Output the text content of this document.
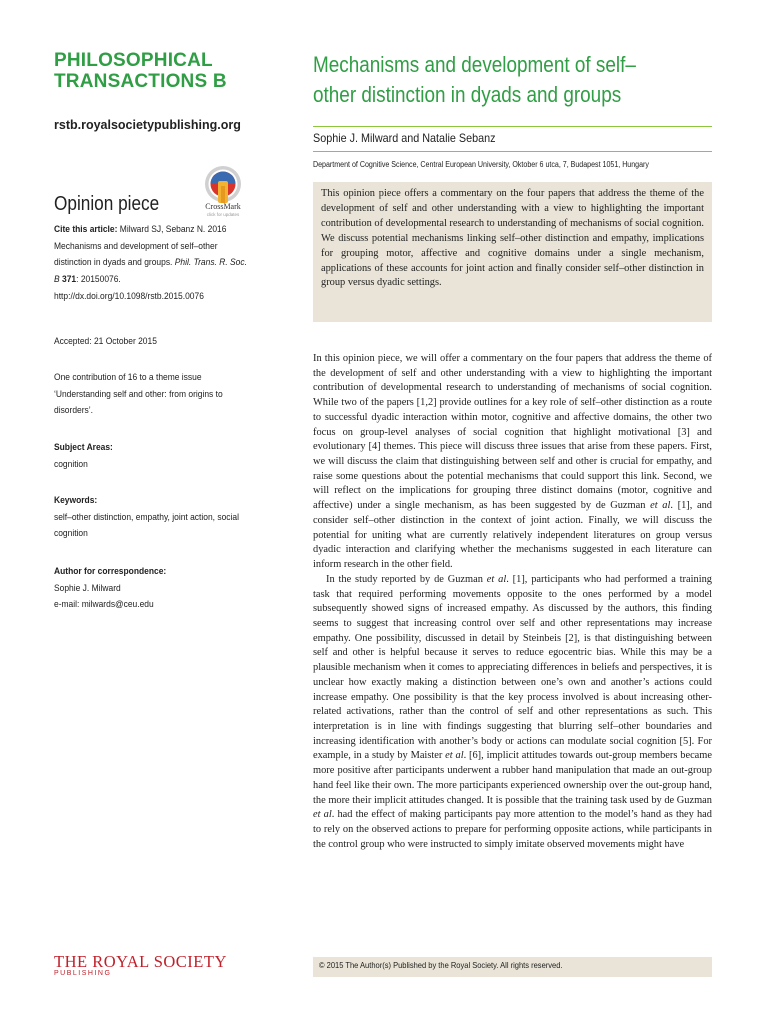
PHILOSOPHICAL
TRANSACTIONS B
rstb.royalsocietypublishing.org
Opinion piece	CrossMark
click for updates
Cite this article: Milward SJ, Sebanz N. 2016 Mechanisms and development of self–other distinction in dyads and groups. Phil. Trans. R. Soc. B 371: 20150076.
http://dx.doi.org/10.1098/rstb.2015.0076
Accepted: 21 October 2015
One contribution of 16 to a theme issue ‘Understanding self and other: from origins to disorders’.
Subject Areas:
cognition
Keywords:
self–other distinction, empathy, joint action, social cognition
Author for correspondence:
Sophie J. Milward
e-mail: milwards@ceu.edu
THE ROYAL SOCIETY
PUBLISHING
Mechanisms and development of self– other distinction in dyads and groups
Sophie J. Milward and Natalie Sebanz
Department of Cognitive Science, Central European University, Oktober 6 utca, 7, Budapest 1051, Hungary

This opinion piece offers a commentary on the four papers that address the theme of the development of self and other understanding with a view to highlighting the important contribution of developmental research to understanding of mechanisms of social cognition. We discuss potential mechanisms linking self–other distinction and empathy, implications for grouping motor, affective and cognitive domains under a single mechanism, applications of these accounts for joint action and finally consider self–other distinction in group versus dyadic settings.

In this opinion piece, we will offer a commentary on the four papers that address the theme of the development of self and other understanding with a view to highlighting the important contribution of developmental research to understanding of mechanisms of social cognition. While two of the papers [1,2] provide outlines for a key role of self–other distinction as a route to successful dyadic interaction within motor, cognitive and affective domains, the other two focus on group-level analyses of social cognition that highlight motivational [3] and evolutionary [4] themes. This piece will discuss three issues that arise from these papers. First, we will discuss the claim that distinguishing between self and other is crucial for empathy, and raise some questions about the potential mechanisms that could support this link. Second, we will reflect on the implications for grouping three distinct domains (motor, cognitive and affective) under a single mechanism, as has been suggested by de Guzman et al. [1], and consider self–other distinction in the context of joint action. Finally, we will discuss the potential for uniting what are currently relatively independent literatures on group versus dyadic interaction and clarifying whether the mechanisms suggested in each literature can inform research in the other field.

In the study reported by de Guzman et al. [1], participants who had performed a training task that required performing movements opposite to the ones performed by a model subsequently showed signs of increased empathy. As discussed by the authors, this finding seems to suggest that increasing control over self and other representations may increase empathy. One possibility, discussed in detail by Steinbeis [2], is that distinguishing between self and other is helpful because it serves to reduce egocentric bias. While this may be a plausible mechanism when it comes to appreciating differences in beliefs and perspectives, it is unclear how exactly making a distinction between one’s own and another’s actions could increase empathy. One possibility is that the key process involved is about increasing other-related activations, rather than the control of self and other representations as such. This interpretation is in line with findings suggesting that blurring self–other boundaries and increasing identification with another’s body or actions can modulate social cognition [5]. For example, in a study by Maister et al. [6], implicit attitudes towards out-group members became more positive after participants underwent a rubber hand manipulation that made an out-group hand feel like their own. The more participants experienced ownership over the out-group hand, the more their implicit attitudes changed. It is possible that the training task used by de Guzman et al. had the effect of making participants pay more attention to the model’s hand as they had to rely on the observed actions to prepare for performing opposite actions, while participants in the control group who were instructed to simply imitate observed movements might have

© 2015 The Author(s) Published by the Royal Society. All rights reserved.
